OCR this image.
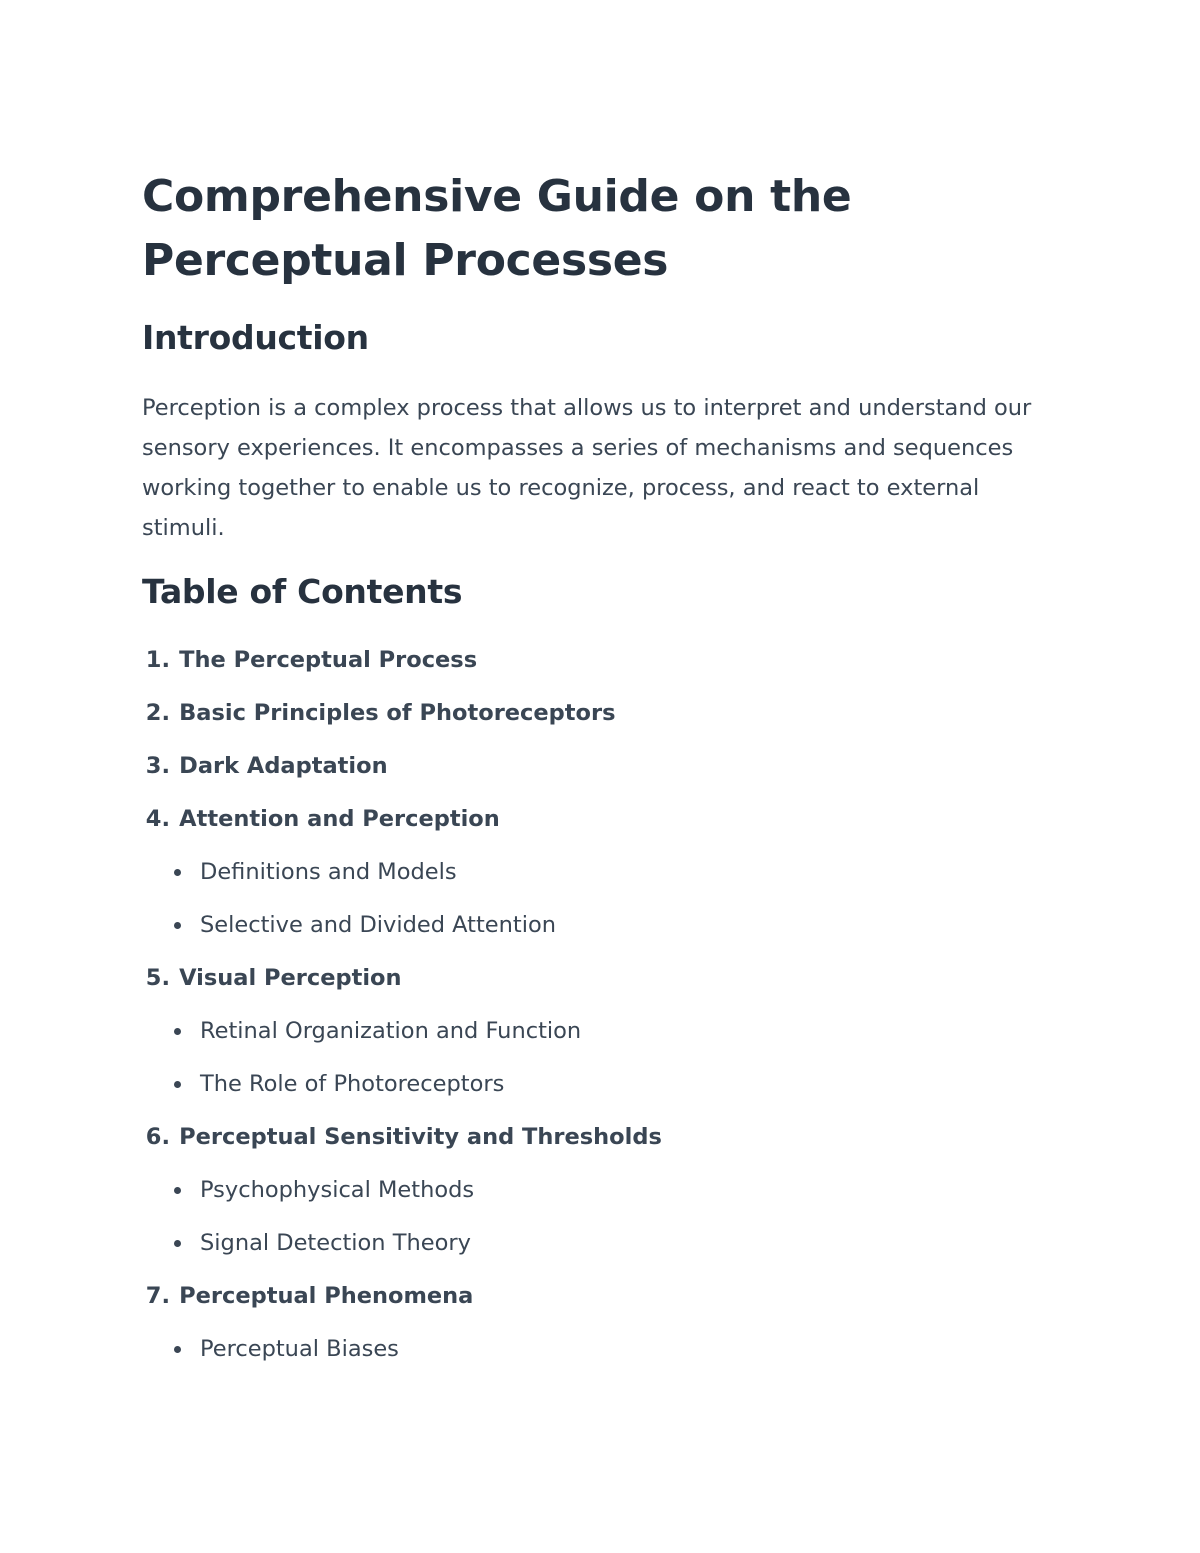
Comprehensive Guide on the Perceptual Processes
Introduction

Perception is a complex process that allows us to interpret and understand our sensory experiences. It encompasses a series of mechanisms and sequences working together to enable us to recognize, process, and react to external stimuli.

Table of Contents
1. The Perceptual Process
2. Basic Principles of Photoreceptors
3. Dark Adaptation
4. Attention and Perception
Definitions and Models
Selective and Divided Attention
5. Visual Perception
Retinal Organization and Function
The Role of Photoreceptors
6. Perceptual Sensitivity and Thresholds
Psychophysical Methods
Signal Detection Theory
7. Perceptual Phenomena
Perceptual Biases
